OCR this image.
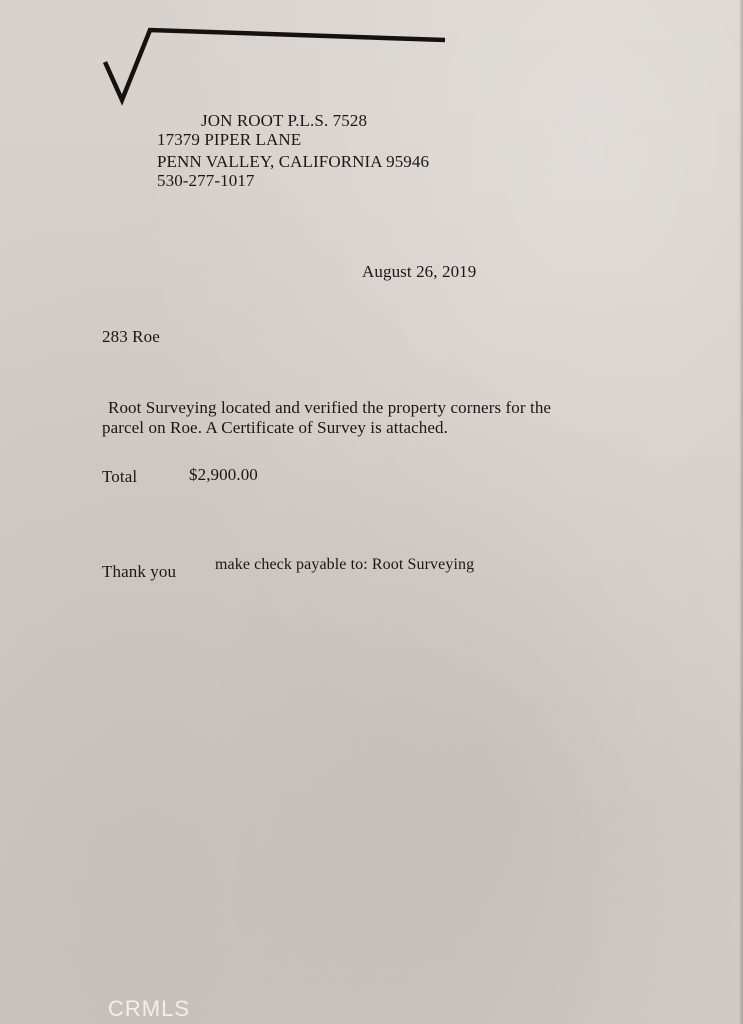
JON ROOT P.L.S. 7528
17379 PIPER LANE
PENN VALLEY, CALIFORNIA 95946
530-277-1017
August 26, 2019
283 Roe
Root Surveying located and verified the property corners for the
parcel on Roe. A Certificate of Survey is attached.
Total	$2,900.00
Thank you make check payable to: Root Surveying
CRMLS
